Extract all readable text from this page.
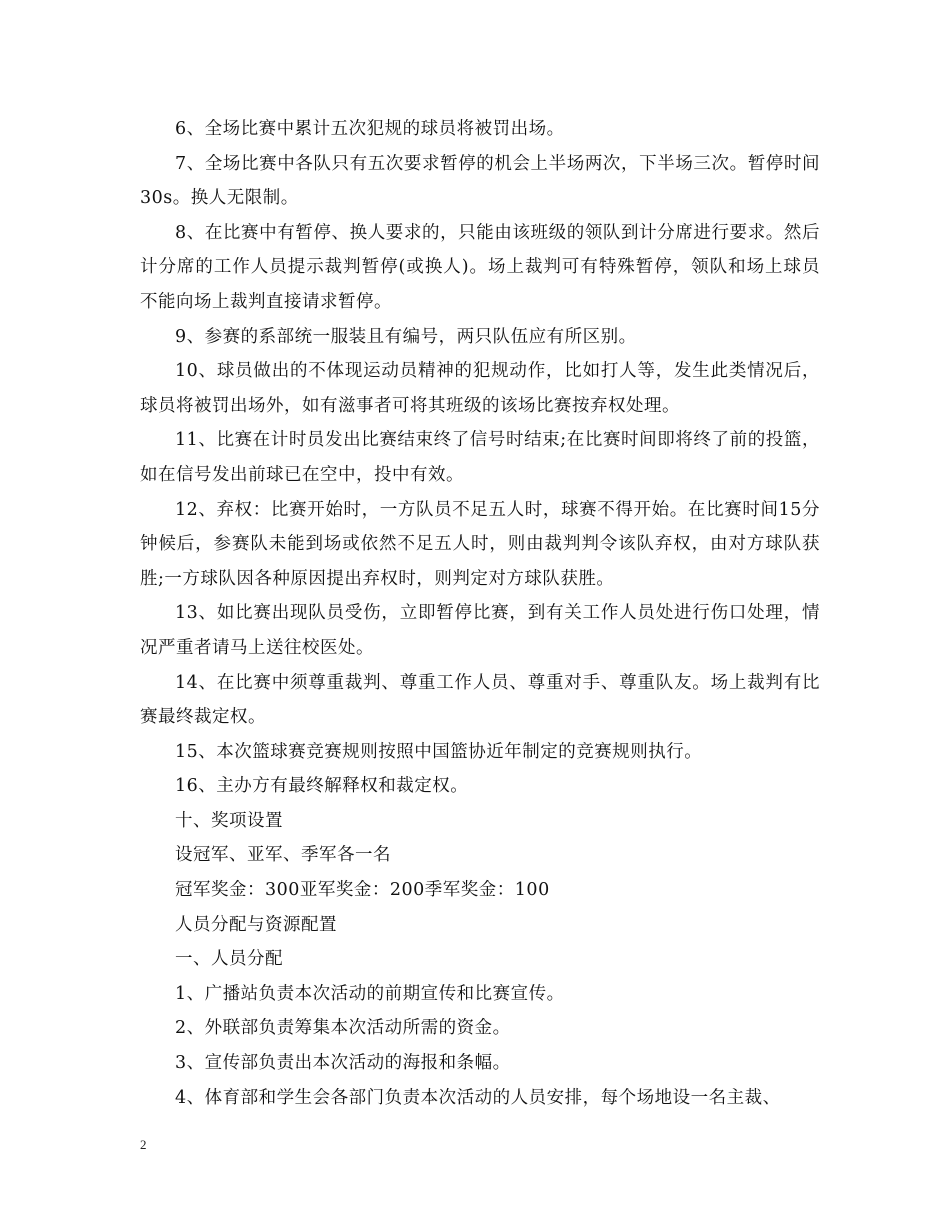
6、全场比赛中累计五次犯规的球员将被罚出场。

7、全场比赛中各队只有五次要求暂停的机会上半场两次，下半场三次。暂停时间30s。换人无限制。

8、在比赛中有暂停、换人要求的，只能由该班级的领队到计分席进行要求。然后计分席的工作人员提示裁判暂停(或换人)。场上裁判可有特殊暂停，领队和场上球员不能向场上裁判直接请求暂停。

9、参赛的系部统一服装且有编号，两只队伍应有所区别。

10、球员做出的不体现运动员精神的犯规动作，比如打人等，发生此类情况后，球员将被罚出场外，如有滋事者可将其班级的该场比赛按弃权处理。

11、比赛在计时员发出比赛结束终了信号时结束;在比赛时间即将终了前的投篮，如在信号发出前球已在空中，投中有效。

12、弃权：比赛开始时，一方队员不足五人时，球赛不得开始。在比赛时间15分钟候后，参赛队未能到场或依然不足五人时，则由裁判判令该队弃权，由对方球队获胜;一方球队因各种原因提出弃权时，则判定对方球队获胜。

13、如比赛出现队员受伤，立即暂停比赛，到有关工作人员处进行伤口处理，情况严重者请马上送往校医处。

14、在比赛中须尊重裁判、尊重工作人员、尊重对手、尊重队友。场上裁判有比赛最终裁定权。

15、本次篮球赛竞赛规则按照中国篮协近年制定的竞赛规则执行。

16、主办方有最终解释权和裁定权。

十、奖项设置

设冠军、亚军、季军各一名

冠军奖金：300亚军奖金：200季军奖金：100

人员分配与资源配置

一、人员分配

1、广播站负责本次活动的前期宣传和比赛宣传。

2、外联部负责筹集本次活动所需的资金。

3、宣传部负责出本次活动的海报和条幅。

4、体育部和学生会各部门负责本次活动的人员安排，每个场地设一名主裁、

2
